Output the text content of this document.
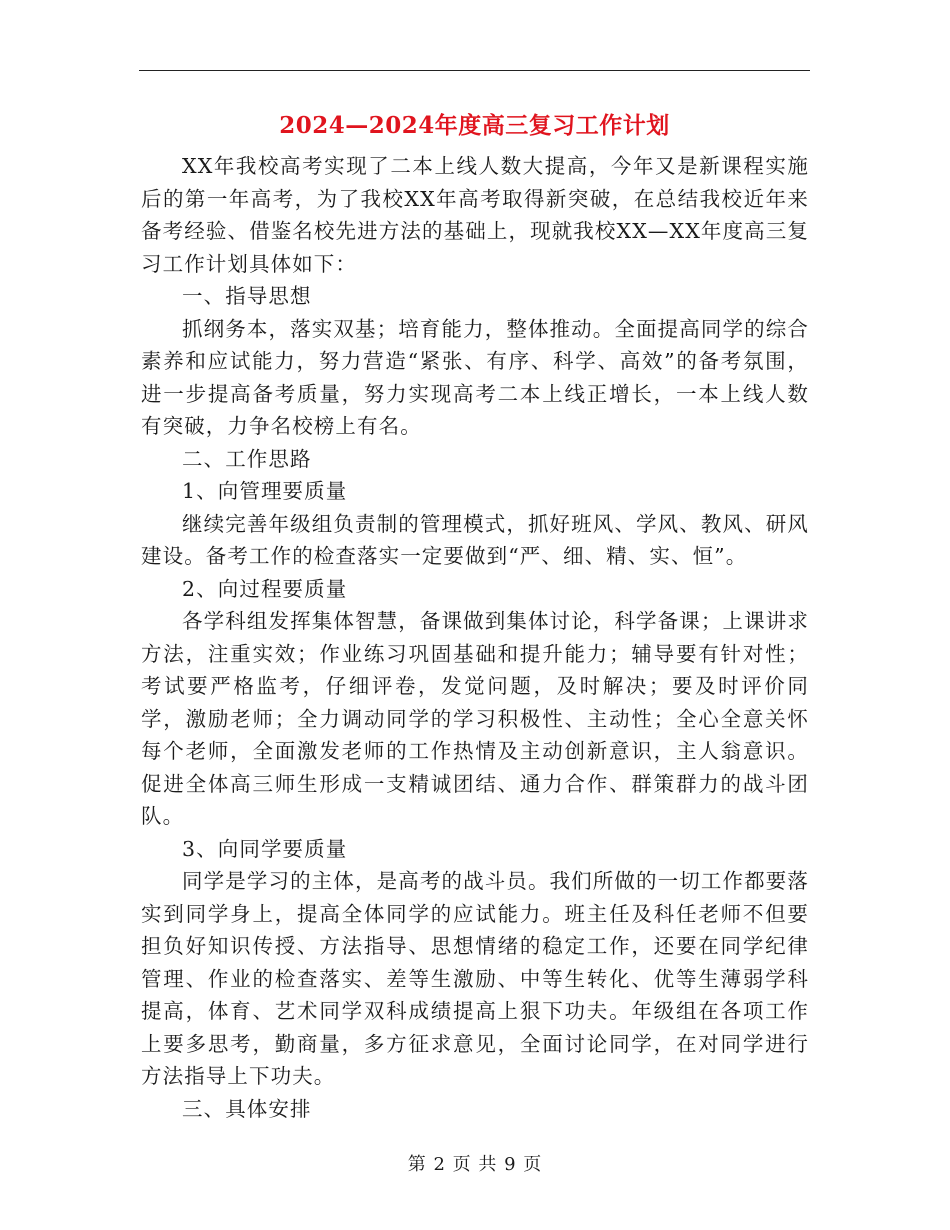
2024—2024年度高三复习工作计划

XX年我校高考实现了二本上线人数大提高，今年又是新课程实施后的第一年高考，为了我校XX年高考取得新突破，在总结我校近年来备考经验、借鉴名校先进方法的基础上，现就我校XX—XX年度高三复习工作计划具体如下：

一、指导思想

抓纲务本，落实双基；培育能力，整体推动。全面提高同学的综合素养和应试能力，努力营造“紧张、有序、科学、高效”的备考氛围，进一步提高备考质量，努力实现高考二本上线正增长，一本上线人数有突破，力争名校榜上有名。

二、工作思路

1、向管理要质量

继续完善年级组负责制的管理模式，抓好班风、学风、教风、研风建设。备考工作的检查落实一定要做到“严、细、精、实、恒”。

2、向过程要质量

各学科组发挥集体智慧，备课做到集体讨论，科学备课；上课讲求方法，注重实效；作业练习巩固基础和提升能力；辅导要有针对性；考试要严格监考，仔细评卷，发觉问题，及时解决；要及时评价同学，激励老师；全力调动同学的学习积极性、主动性；全心全意关怀每个老师，全面激发老师的工作热情及主动创新意识，主人翁意识。促进全体高三师生形成一支精诚团结、通力合作、群策群力的战斗团队。

3、向同学要质量

同学是学习的主体，是高考的战斗员。我们所做的一切工作都要落实到同学身上，提高全体同学的应试能力。班主任及科任老师不但要担负好知识传授、方法指导、思想情绪的稳定工作，还要在同学纪律管理、作业的检查落实、差等生激励、中等生转化、优等生薄弱学科提高，体育、艺术同学双科成绩提高上狠下功夫。年级组在各项工作上要多思考，勤商量，多方征求意见，全面讨论同学，在对同学进行方法指导上下功夫。

三、具体安排

第 2 页 共 9 页
